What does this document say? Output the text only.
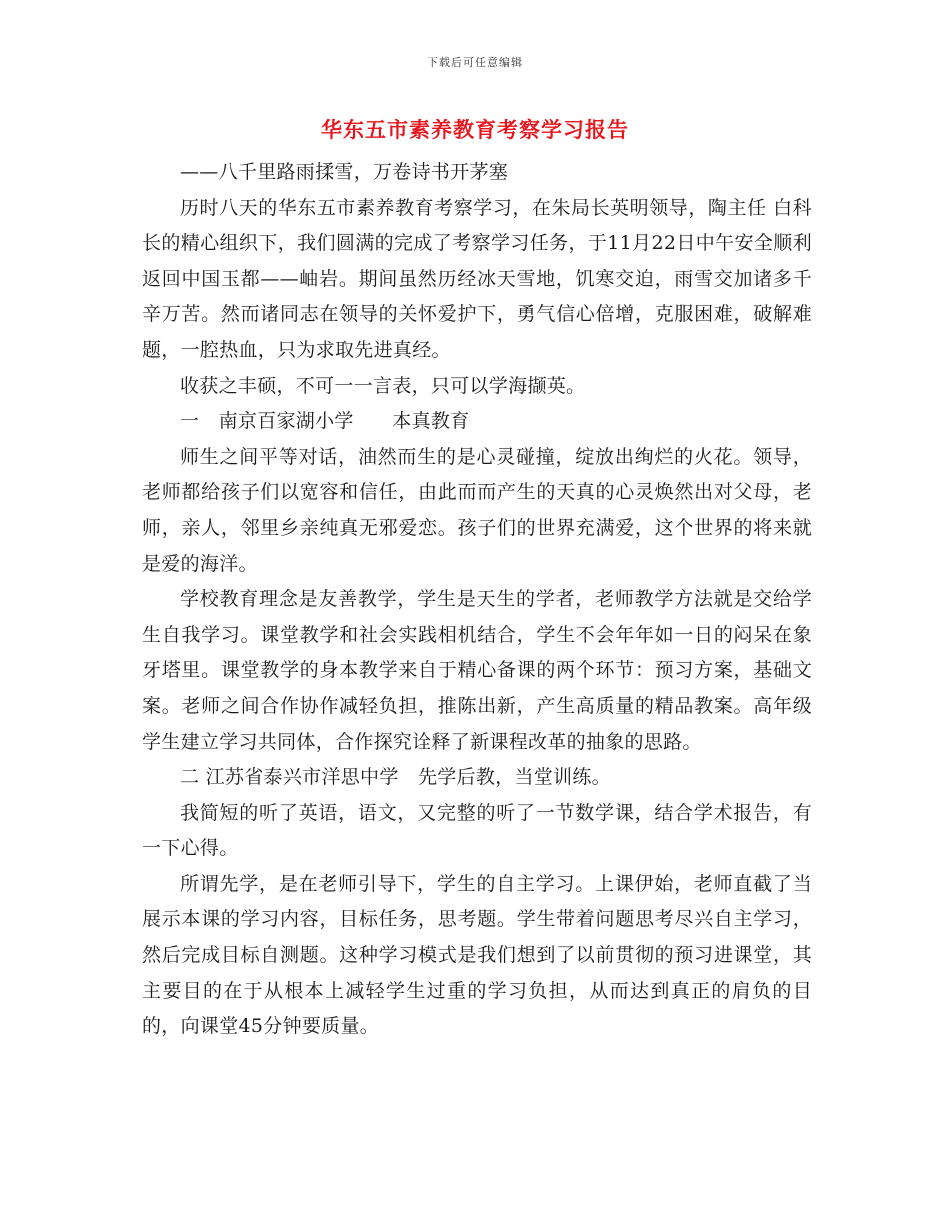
下载后可任意编辑
华东五市素养教育考察学习报告

——八千里路雨揉雪，万卷诗书开茅塞

历时八天的华东五市素养教育考察学习，在朱局长英明领导，陶主任 白科长的精心组织下，我们圆满的完成了考察学习任务，于11月22日中午安全顺利返回中国玉都——岫岩。期间虽然历经冰天雪地，饥寒交迫，雨雪交加诸多千辛万苦。然而诸同志在领导的关怀爱护下，勇气信心倍增，克服困难，破解难题，一腔热血，只为求取先进真经。

收获之丰硕，不可一一言表，只可以学海撷英。

一　南京百家湖小学　　本真教育

师生之间平等对话，油然而生的是心灵碰撞，绽放出绚烂的火花。领导，老师都给孩子们以宽容和信任，由此而而产生的天真的心灵焕然出对父母，老师，亲人，邻里乡亲纯真无邪爱恋。孩子们的世界充满爱，这个世界的将来就是爱的海洋。

学校教育理念是友善教学，学生是天生的学者，老师教学方法就是交给学生自我学习。课堂教学和社会实践相机结合，学生不会年年如一日的闷呆在象牙塔里。课堂教学的身本教学来自于精心备课的两个环节：预习方案，基础文案。老师之间合作协作减轻负担，推陈出新，产生高质量的精品教案。高年级学生建立学习共同体，合作探究诠释了新课程改革的抽象的思路。

二 江苏省泰兴市洋思中学　先学后教，当堂训练。

我简短的听了英语，语文，又完整的听了一节数学课，结合学术报告，有一下心得。

所谓先学，是在老师引导下，学生的自主学习。上课伊始，老师直截了当展示本课的学习内容，目标任务，思考题。学生带着问题思考尽兴自主学习，然后完成目标自测题。这种学习模式是我们想到了以前贯彻的预习进课堂，其主要目的在于从根本上减轻学生过重的学习负担，从而达到真正的肩负的目的，向课堂45分钟要质量。
